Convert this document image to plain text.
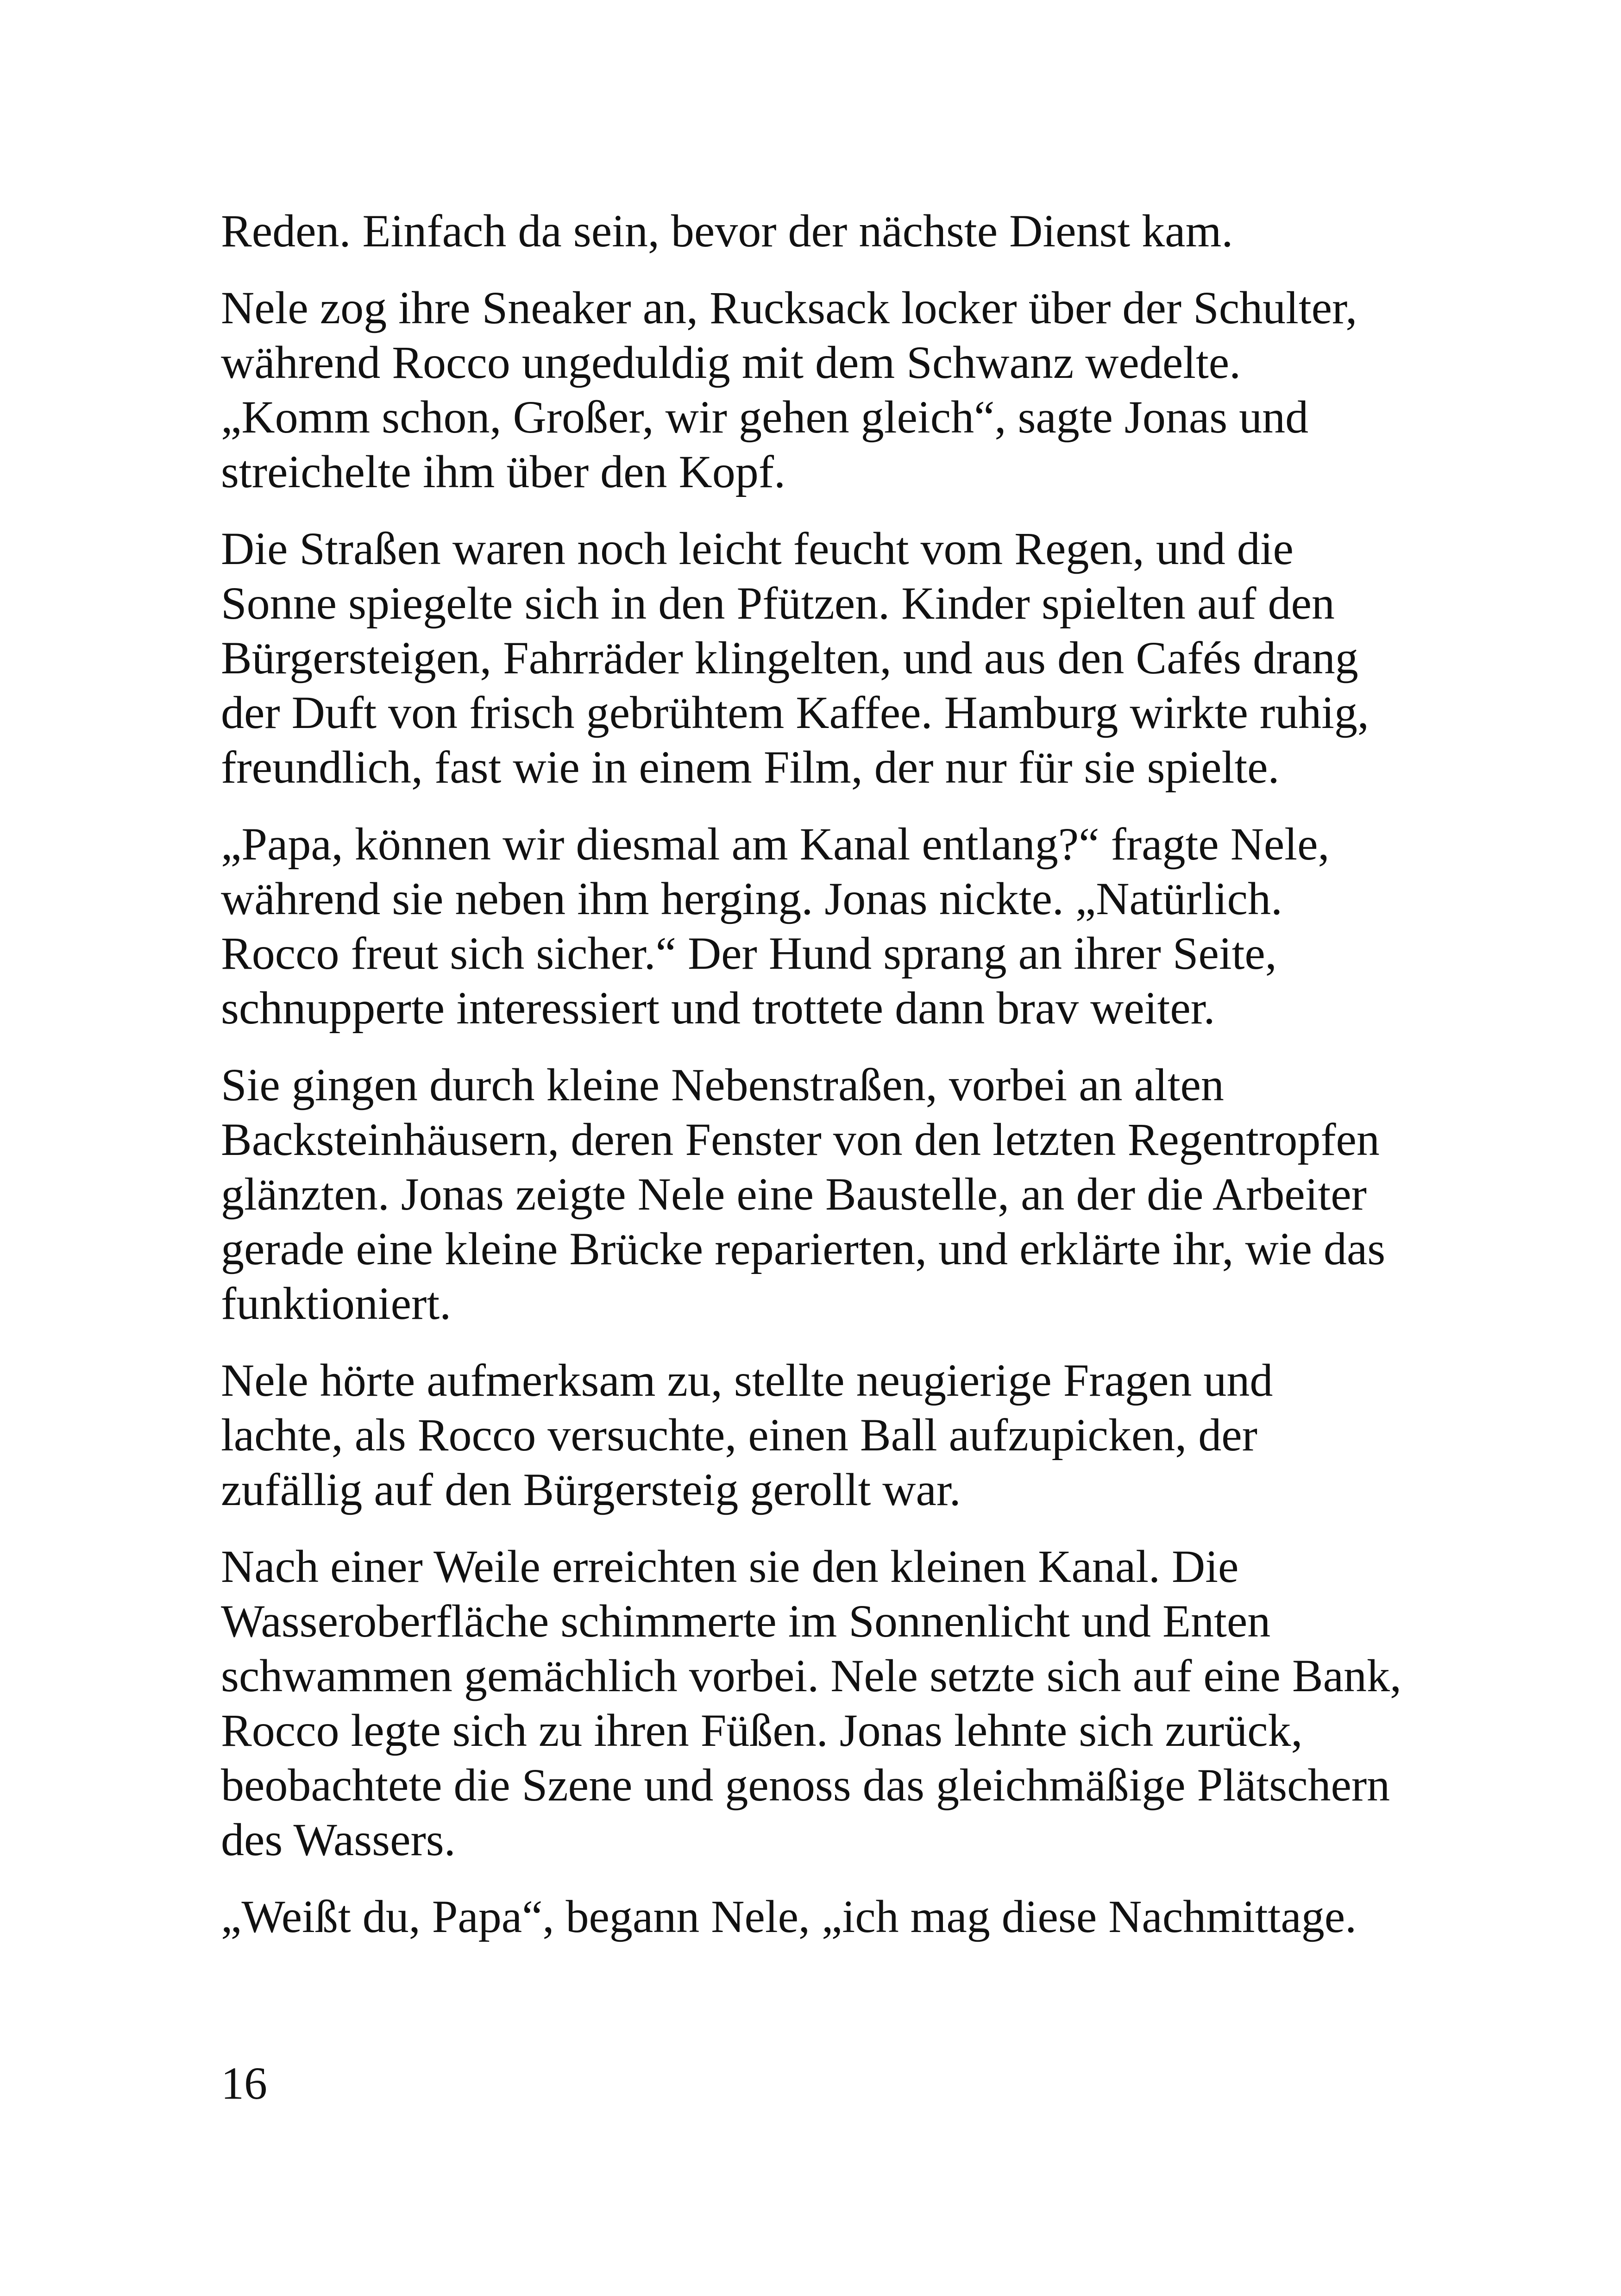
Reden. Einfach da sein, bevor der nächste Dienst kam.

Nele zog ihre Sneaker an, Rucksack locker über der Schulter,
während Rocco ungeduldig mit dem Schwanz wedelte.
„Komm schon, Großer, wir gehen gleich“, sagte Jonas und
streichelte ihm über den Kopf.

Die Straßen waren noch leicht feucht vom Regen, und die
Sonne spiegelte sich in den Pfützen. Kinder spielten auf den
Bürgersteigen, Fahrräder klingelten, und aus den Cafés drang
der Duft von frisch gebrühtem Kaffee. Hamburg wirkte ruhig,
freundlich, fast wie in einem Film, der nur für sie spielte.

„Papa, können wir diesmal am Kanal entlang?“ fragte Nele,
während sie neben ihm herging. Jonas nickte. „Natürlich.
Rocco freut sich sicher.“ Der Hund sprang an ihrer Seite,
schnupperte interessiert und trottete dann brav weiter.

Sie gingen durch kleine Nebenstraßen, vorbei an alten
Backsteinhäusern, deren Fenster von den letzten Regentropfen
glänzten. Jonas zeigte Nele eine Baustelle, an der die Arbeiter
gerade eine kleine Brücke reparierten, und erklärte ihr, wie das
funktioniert.

Nele hörte aufmerksam zu, stellte neugierige Fragen und
lachte, als Rocco versuchte, einen Ball aufzupicken, der
zufällig auf den Bürgersteig gerollt war.

Nach einer Weile erreichten sie den kleinen Kanal. Die
Wasseroberfläche schimmerte im Sonnenlicht und Enten
schwammen gemächlich vorbei. Nele setzte sich auf eine Bank,
Rocco legte sich zu ihren Füßen. Jonas lehnte sich zurück,
beobachtete die Szene und genoss das gleichmäßige Plätschern
des Wassers.

„Weißt du, Papa“, begann Nele, „ich mag diese Nachmittage.

16
